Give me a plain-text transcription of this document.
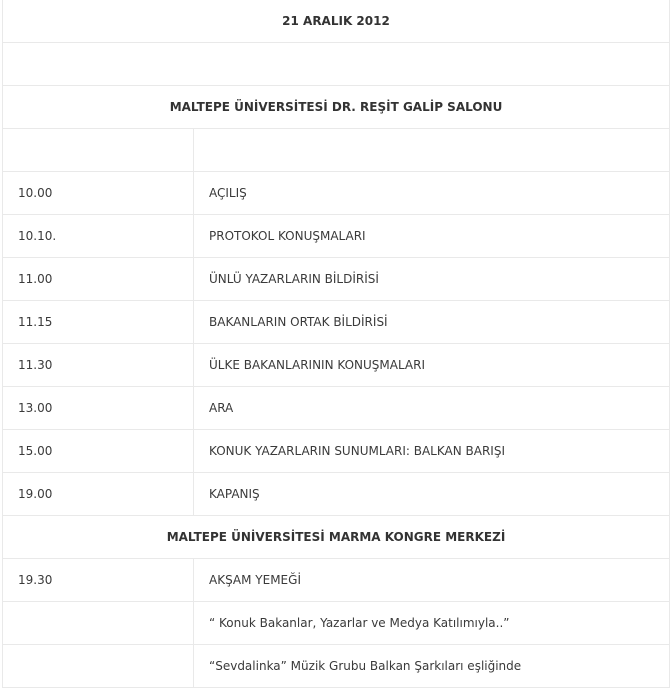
21 ARALIK 2012	

MALTEPE ÜNİVERSİTESİ DR. REŞİT GALİP SALONU	

10.00	AÇILIŞ
10.10.	PROTOKOL KONUŞMALARI
11.00	ÜNLÜ YAZARLARIN BİLDİRİSİ
11.15	BAKANLARIN ORTAK BİLDİRİSİ
11.30	ÜLKE BAKANLARININ KONUŞMALARI
13.00	ARA
15.00	KONUK YAZARLARIN SUNUMLARI: BALKAN BARIŞI
19.00	KAPANIŞ
MALTEPE ÜNİVERSİTESİ MARMA KONGRE MERKEZİ	
19.30	AKŞAM YEMEĞİ
	“ Konuk Bakanlar, Yazarlar ve Medya Katılımıyla..”
	“Sevdalinka” Müzik Grubu Balkan Şarkıları eşliğinde
